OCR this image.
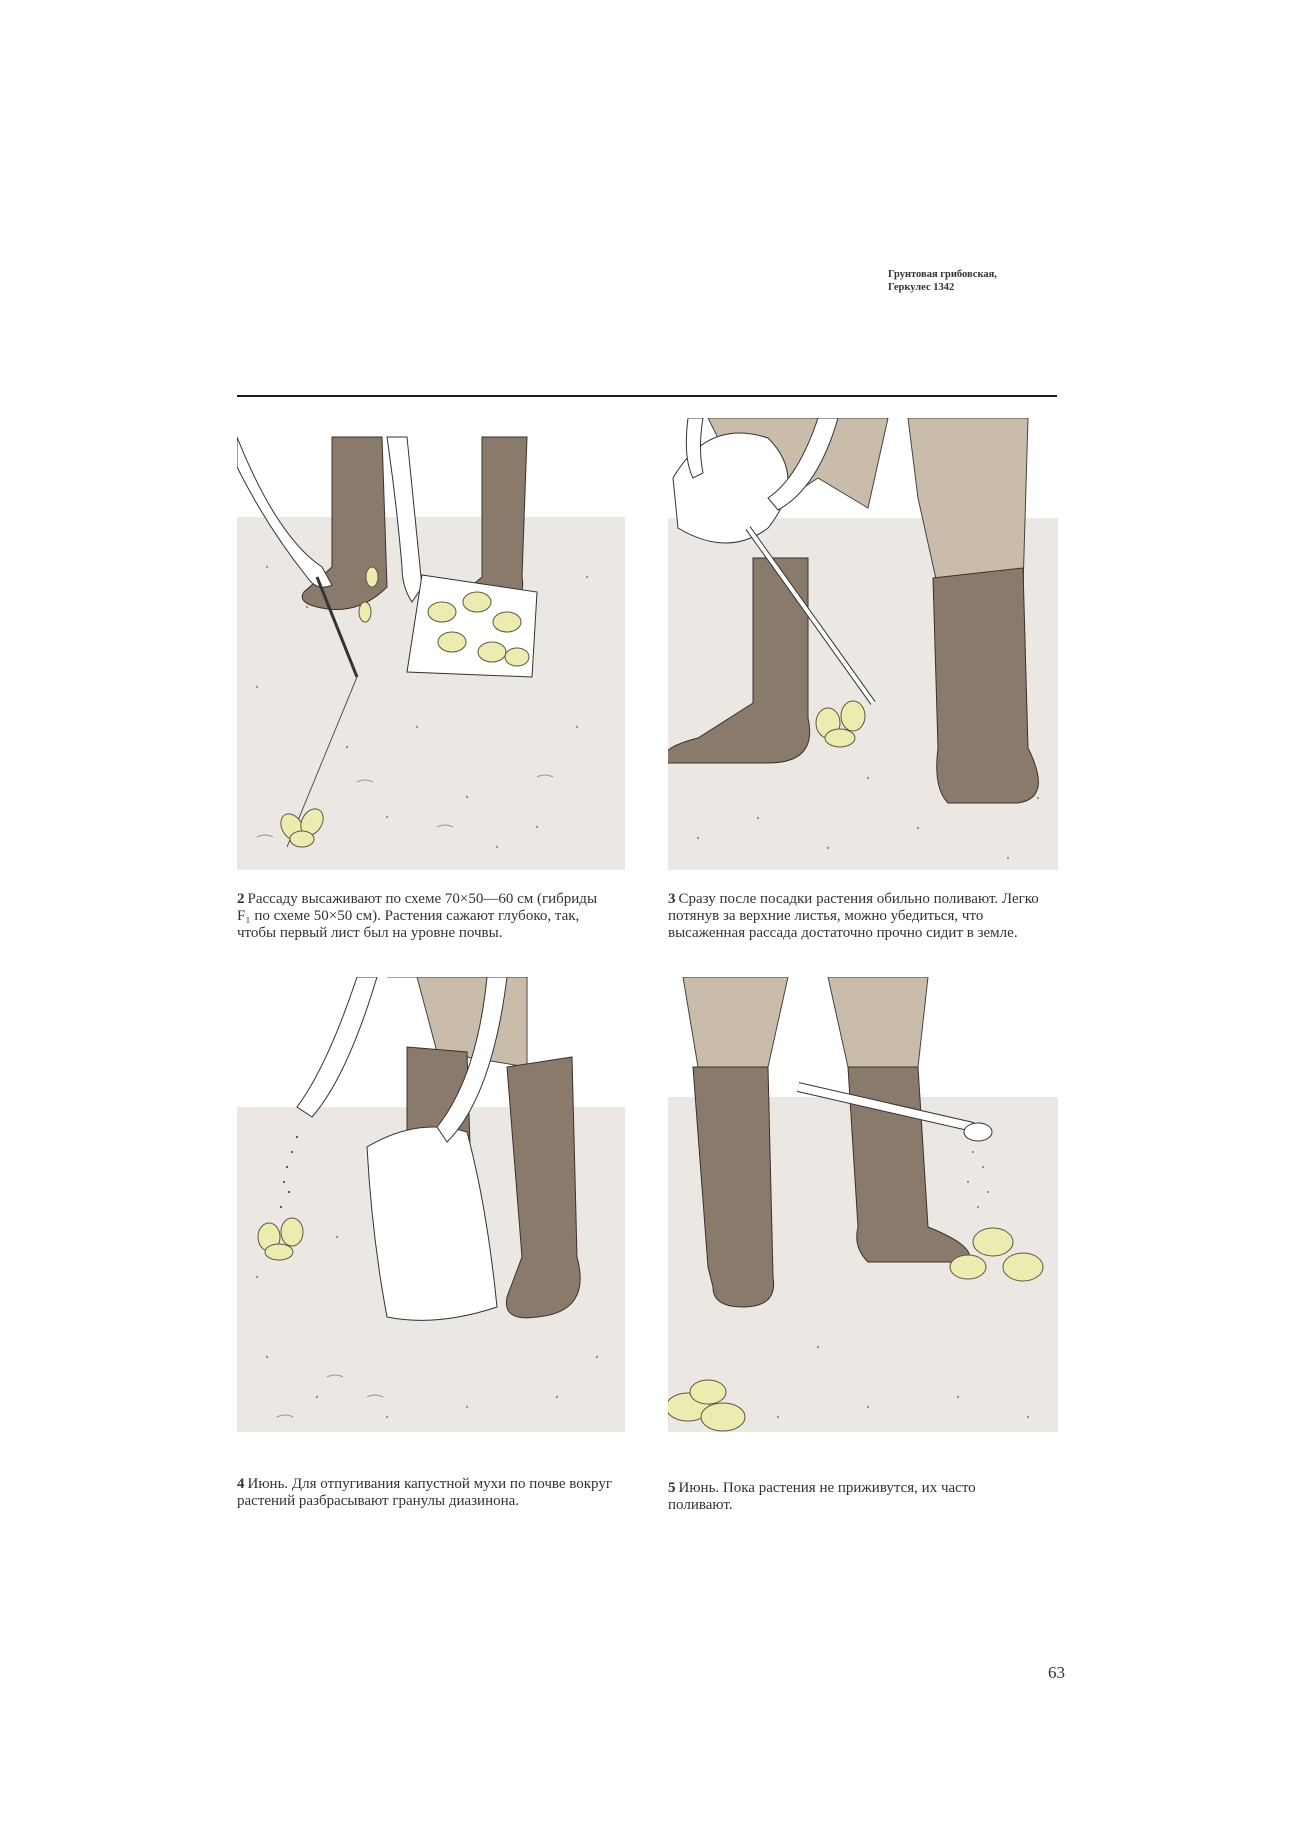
Грунтовая грибовская,
Геркулес 1342
2 Рассаду высаживают по схеме 70×50—60 см (гибриды F₁ по схеме 50×50 см). Растения сажают глубоко, так, чтобы первый лист был на уровне почвы.
3 Сразу после посадки растения обильно поливают. Легко потянув за верхние листья, можно убедиться, что высаженная рассада достаточно прочно сидит в земле.
4 Июнь. Для отпугивания капустной мухи по почве вокруг растений разбрасывают гранулы диазинона.
5 Июнь. Пока растения не приживутся, их часто поливают.
63
